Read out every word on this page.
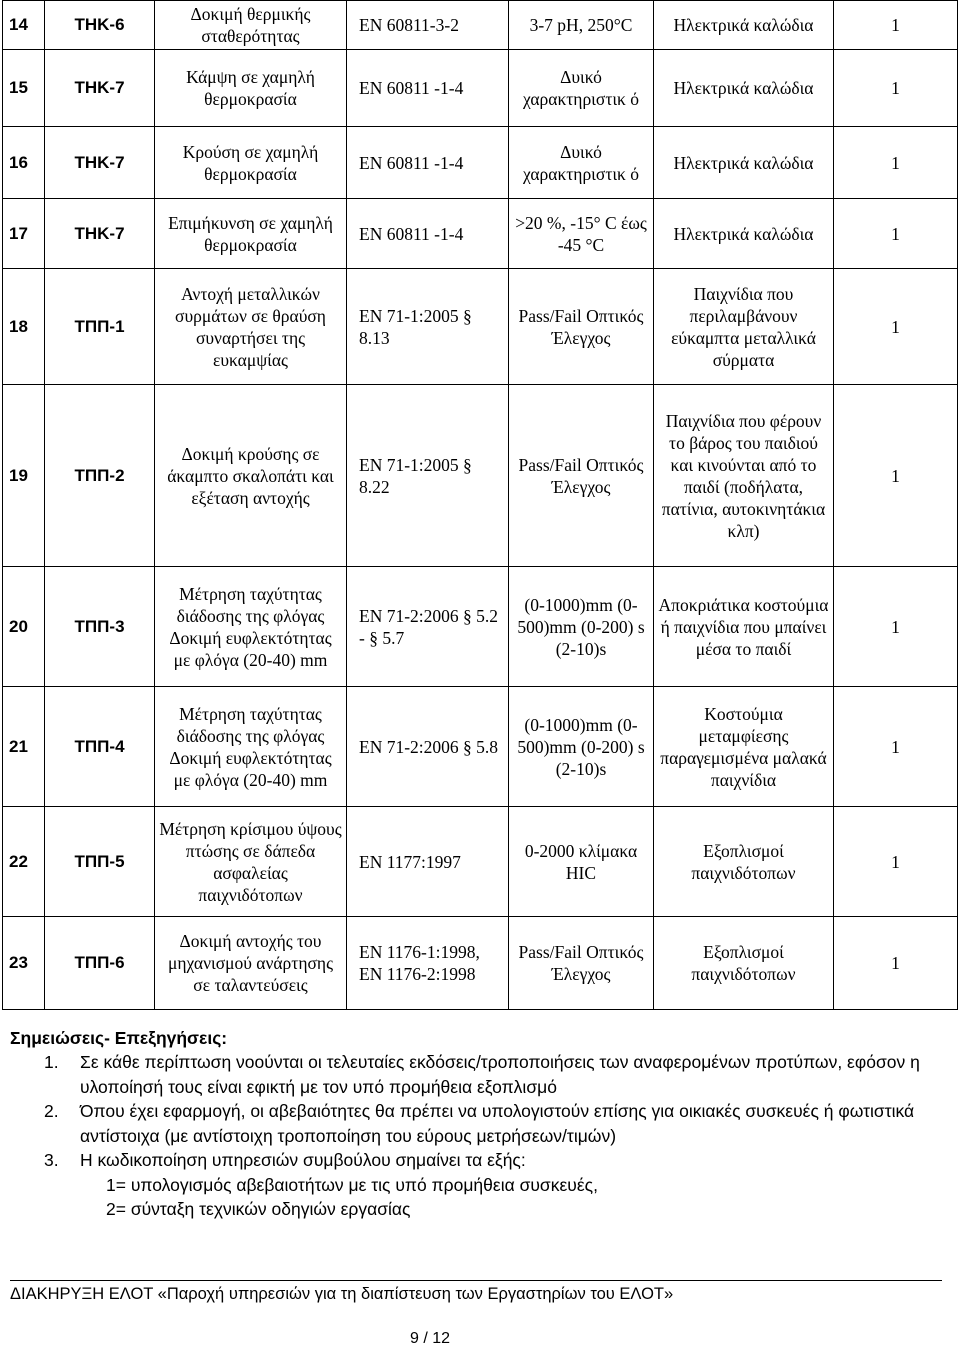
14	THK-6	Δοκιμή θερμικής σταθερότητας	EN 60811-3-2	3-7 pH, 250°C	Ηλεκτρικά καλώδια	1

15	THK-7	Κάμψη σε χαμηλή θερμοκρασία	EN 60811 -1-4	Δυικό χαρακτηριστικ ό	Ηλεκτρικά καλώδια	1

16	THK-7	Κρούση σε χαμηλή θερμοκρασία	EN 60811 -1-4	Δυικό χαρακτηριστικ ό	Ηλεκτρικά καλώδια	1

17	THK-7	Επιμήκυνση σε χαμηλή θερμοκρασία	EN 60811 -1-4	>20 %, -15° C έως -45 °C	Ηλεκτρικά καλώδια	1

18	ΤΠΠ-1	Αντοχή μεταλλικών συρμάτων σε θραύση συναρτήσει της ευκαμψίας	EN 71-1:2005 § 8.13	Pass/Fail Οπτικός Έλεγχος	Παιχνίδια που περιλαμβάνουν εύκαμπτα μεταλλικά σύρματα	1

19	ΤΠΠ-2	Δοκιμή κρούσης σε άκαμπτο σκαλοπάτι και εξέταση αντοχής	EN 71-1:2005 § 8.22	Pass/Fail Οπτικός Έλεγχος	Παιχνίδια που φέρουν το βάρος του παιδιού και κινούνται από το παιδί (ποδήλατα, πατίνια, αυτοκινητάκια κλπ)	1

20	ΤΠΠ-3	Μέτρηση ταχύτητας διάδοσης της φλόγας Δοκιμή ευφλεκτότητας με φλόγα (20-40) mm	EN 71-2:2006 § 5.2 - § 5.7	(0-1000)mm (0-500)mm (0-200) s (2-10)s	Αποκριάτικα κοστούμια ή παιχνίδια που μπαίνει μέσα το παιδί	1

21	ΤΠΠ-4	Μέτρηση ταχύτητας διάδοσης της φλόγας Δοκιμή ευφλεκτότητας με φλόγα (20-40) mm	EN 71-2:2006 § 5.8	(0-1000)mm (0-500)mm (0-200) s (2-10)s	Κοστούμια μεταμφίεσης παραγεμισμένα μαλακά παιχνίδια	1

22	ΤΠΠ-5	Μέτρηση κρίσιμου ύψους πτώσης σε δάπεδα ασφαλείας παιχνιδότοπων	EN 1177:1997	0-2000 κλίμακα HIC	Εξοπλισμοί παιχνιδότοπων	1

23	ΤΠΠ-6	Δοκιμή αντοχής του μηχανισμού ανάρτησης σε ταλαντεύσεις	EN 1176-1:1998, EN 1176-2:1998	Pass/Fail Οπτικός Έλεγχος	Εξοπλισμοί παιχνιδότοπων	1

Σημειώσεις- Επεξηγήσεις:

1. Σε κάθε περίπτωση νοούνται οι τελευταίες εκδόσεις/τροποποιήσεις των αναφερομένων προτύπων, εφόσον η υλοποίησή τους είναι εφικτή με τον υπό προμήθεια εξοπλισμό

2. Όπου έχει εφαρμογή, οι αβεβαιότητες θα πρέπει να υπολογιστούν επίσης για οικιακές συσκευές ή φωτιστικά αντίστοιχα (με αντίστοιχη τροποποίηση του εύρους μετρήσεων/τιμών)

3. Η κωδικοποίηση υπηρεσιών συμβούλου σημαίνει τα εξής:

1= υπολογισμός αβεβαιοτήτων με τις υπό προμήθεια συσκευές,

2= σύνταξη τεχνικών οδηγιών εργασίας

ΔΙΑΚΗΡΥΞΗ ΕΛΟΤ «Παροχή υπηρεσιών για τη διαπίστευση των Εργαστηρίων του ΕΛΟΤ»
9 / 12
